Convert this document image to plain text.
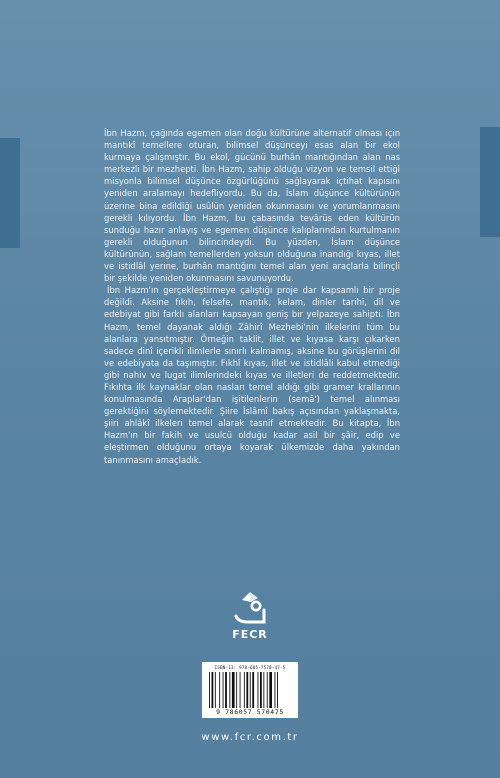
İbn Hazm, çağında egemen olan doğu kültürüne alternatif olması için mantıkî temellere oturan, bilimsel düşünceyi esas alan bir ekol kurmaya çalışmıştır. Bu ekol, gücünü burhân mantığından alan nas merkezli bir mezhepti. İbn Hazm, sahip olduğu vizyon ve temsil ettiği misyonla bilimsel düşünce özgürlüğünü sağlayarak içtihat kapısını yeniden aralamayı hedefliyordu. Bu da, İslam düşünce kültürünün üzerine bina edildiği usûlün yeniden okunmasını ve yorumlanmasını gerekli kılıyordu. İbn Hazm, bu çabasında tevârüs eden kültürün sunduğu hazır anlayış ve egemen düşünce kalıplarından kurtulmanın gerekli olduğunun bilincindeydi. Bu yüzden, İslam düşünce kültürünün, sağlam temellerden yoksun olduğuna inandığı kıyas, illet ve istidlâl yerine, burhân mantığını temel alan yeni araçlarla bilinçli bir şekilde yeniden okunmasını savunuyordu.

İbn Hazm'ın gerçekleştirmeye çalıştığı proje dar kapsamlı bir proje değildi. Aksine fıkıh, felsefe, mantık, kelam, dinler tarihi, dil ve edebiyat gibi farklı alanları kapsayan geniş bir yelpazeye sahipti. İbn Hazm, temel dayanak aldığı Zâhirî Mezhebi'nin ilkelerini tüm bu alanlara yansıtmıştır. Örneğin taklit, illet ve kıyasa karşı çıkarken sadece dinî içerikli ilimlerle sınırlı kalmamış, aksine bu görüşlerini dil ve edebiyata da taşımıştır. Fıkhî kıyas, illet ve istidlâli kabul etmediği gibi nahiv ve lugat ilimlerindeki kıyas ve illetleri de reddetmektedir. Fıkıhta ilk kaynaklar olan nasları temel aldığı gibi gramer krallarının konulmasında Araplar'dan işitilenlerin (semâ') temel alınması gerektiğini söylemektedir. Şiire İslâmî bakış açısından yaklaşmakta, şiiri ahlâkî ilkeleri temel alarak tasnif etmektedir. Bu kitapta, İbn Hazm'ın bir fakih ve usulcü olduğu kadar asil bir şâir, edip ve eleştirmen olduğunu ortaya koyarak ülkemizde daha yakından tanınmasını amaçladık.

FECR
ISBN-13: 978-605-7570-47-5
9 786057 570475
www.fcr.com.tr
